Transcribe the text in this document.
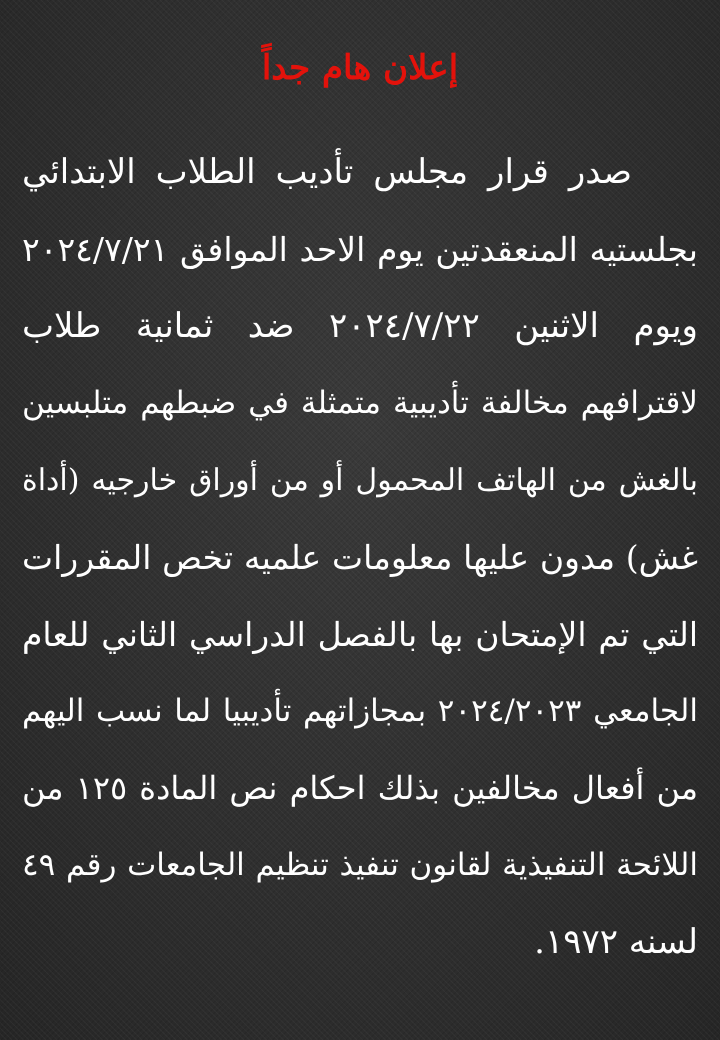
إعلان هام جداً
صدر قرار مجلس تأديب الطلاب الابتدائي
بجلستيه المنعقدتين يوم الاحد الموافق ٢٠٢٤/٧/٢١
ويوم الاثنين ٢٠٢٤/٧/٢٢ ضد ثمانية طلاب
لاقترافهم مخالفة تأديبية متمثلة في ضبطهم متلبسين
بالغش من الهاتف المحمول أو من أوراق خارجيه (أداة
غش) مدون عليها معلومات علميه تخص المقررات
التي تم الإمتحان بها بالفصل الدراسي الثاني للعام
الجامعي ٢٠٢٤/٢٠٢٣ بمجازاتهم تأديبيا لما نسب اليهم
من أفعال مخالفين بذلك احكام نص المادة ١٢٥ من
اللائحة التنفيذية لقانون تنفيذ تنظيم الجامعات رقم ٤٩
لسنه ١٩٧٢.
